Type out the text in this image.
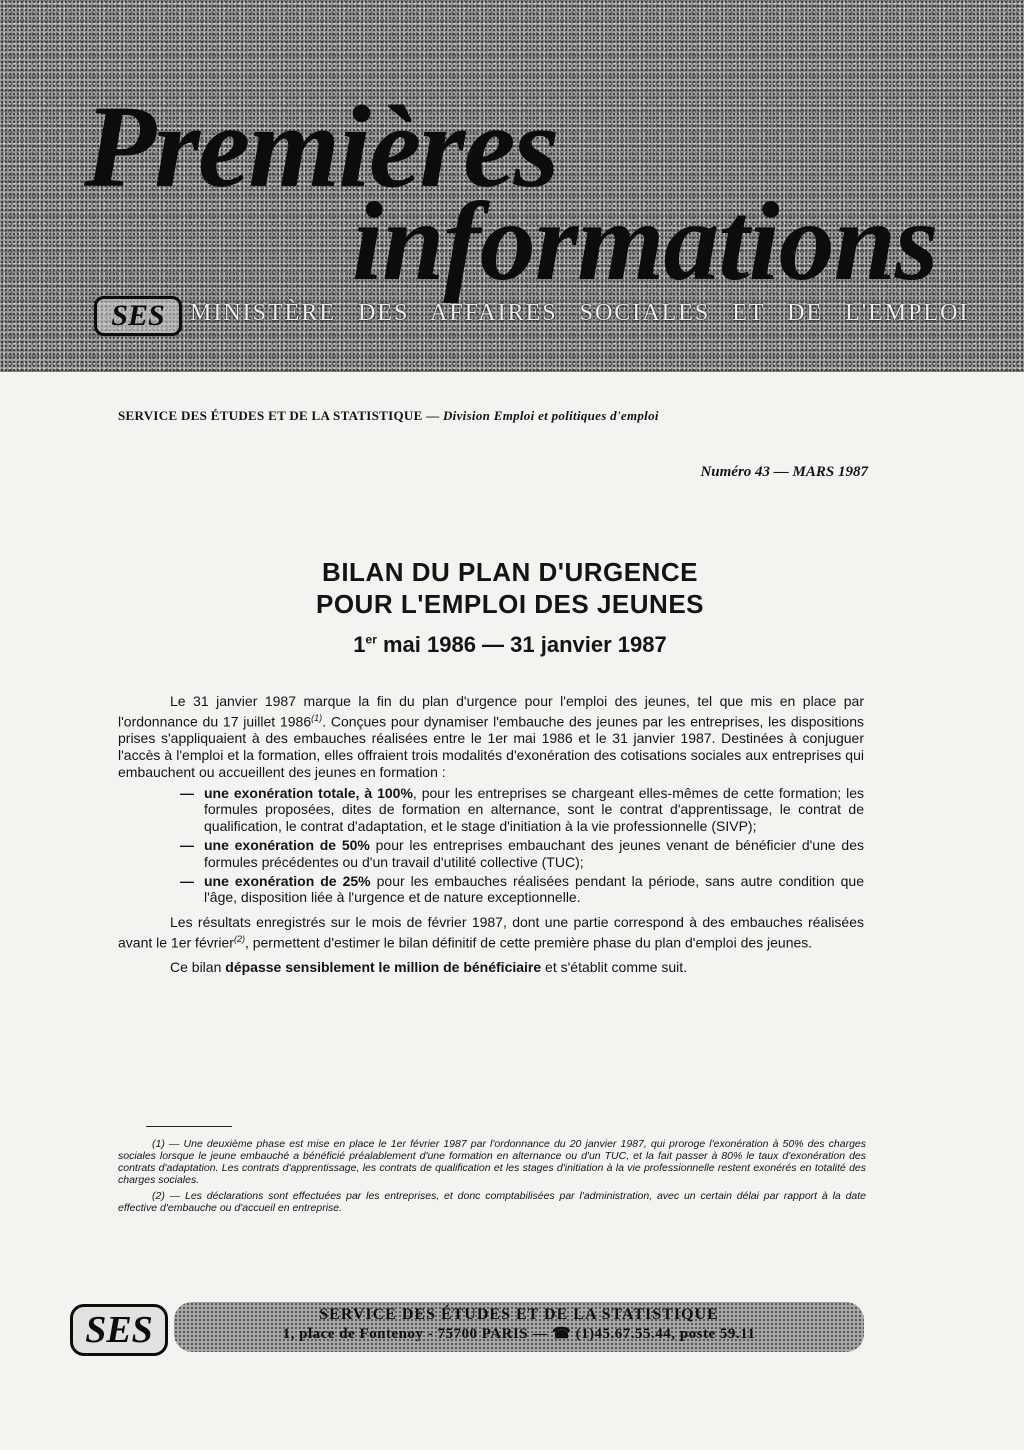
Premières
informations
SES	MINISTÈRE DES AFFAIRES SOCIALES ET DE L'EMPLOI
SERVICE DES ÉTUDES ET DE LA STATISTIQUE — Division Emploi et politiques d'emploi
Numéro 43 — MARS 1987
BILAN DU PLAN D'URGENCE
POUR L'EMPLOI DES JEUNES
1er mai 1986 — 31 janvier 1987

Le 31 janvier 1987 marque la fin du plan d'urgence pour l'emploi des jeunes, tel que mis en place par l'ordonnance du 17 juillet 1986$^{(1)}$. Conçues pour dynamiser l'embauche des jeunes par les entreprises, les dispositions prises s'appliquaient à des embauches réalisées entre le 1er mai 1986 et le 31 janvier 1987. Destinées à conjuguer l'accès à l'emploi et la formation, elles offraient trois modalités d'exonération des cotisations sociales aux entreprises qui embauchent ou accueillent des jeunes en formation :

— une exonération totale, à 100%, pour les entreprises se chargeant elles-mêmes de cette formation; les formules proposées, dites de formation en alternance, sont le contrat d'apprentissage, le contrat de qualification, le contrat d'adaptation, et le stage d'initiation à la vie professionnelle (SIVP);
— une exonération de 50% pour les entreprises embauchant des jeunes venant de bénéficier d'une des formules précédentes ou d'un travail d'utilité collective (TUC);
— une exonération de 25% pour les embauches réalisées pendant la période, sans autre condition que l'âge, disposition liée à l'urgence et de nature exceptionnelle.

Les résultats enregistrés sur le mois de février 1987, dont une partie correspond à des embauches réalisées avant le 1er février$^{(2)}$, permettent d'estimer le bilan définitif de cette première phase du plan d'emploi des jeunes.

Ce bilan dépasse sensiblement le million de bénéficiaire et s'établit comme suit.

(1) — Une deuxième phase est mise en place le 1er février 1987 par l'ordonnance du 20 janvier 1987, qui proroge l'exonération à 50% des charges sociales lorsque le jeune embauché a bénéficié préalablement d'une formation en alternance ou d'un TUC, et la fait passer à 80% le taux d'exonération des contrats d'adaptation. Les contrats d'apprentissage, les contrats de qualification et les stages d'initiation à la vie professionnelle restent exonérés en totalité des charges sociales.

(2) — Les déclarations sont effectuées par les entreprises, et donc comptabilisées par l'administration, avec un certain délai par rapport à la date effective d'embauche ou d'accueil en entreprise.

SES	SERVICE DES ÉTUDES ET DE LA STATISTIQUE
1, place de Fontenoy - 75700 PARIS — ☎ (1)45.67.55.44, poste 59.11
